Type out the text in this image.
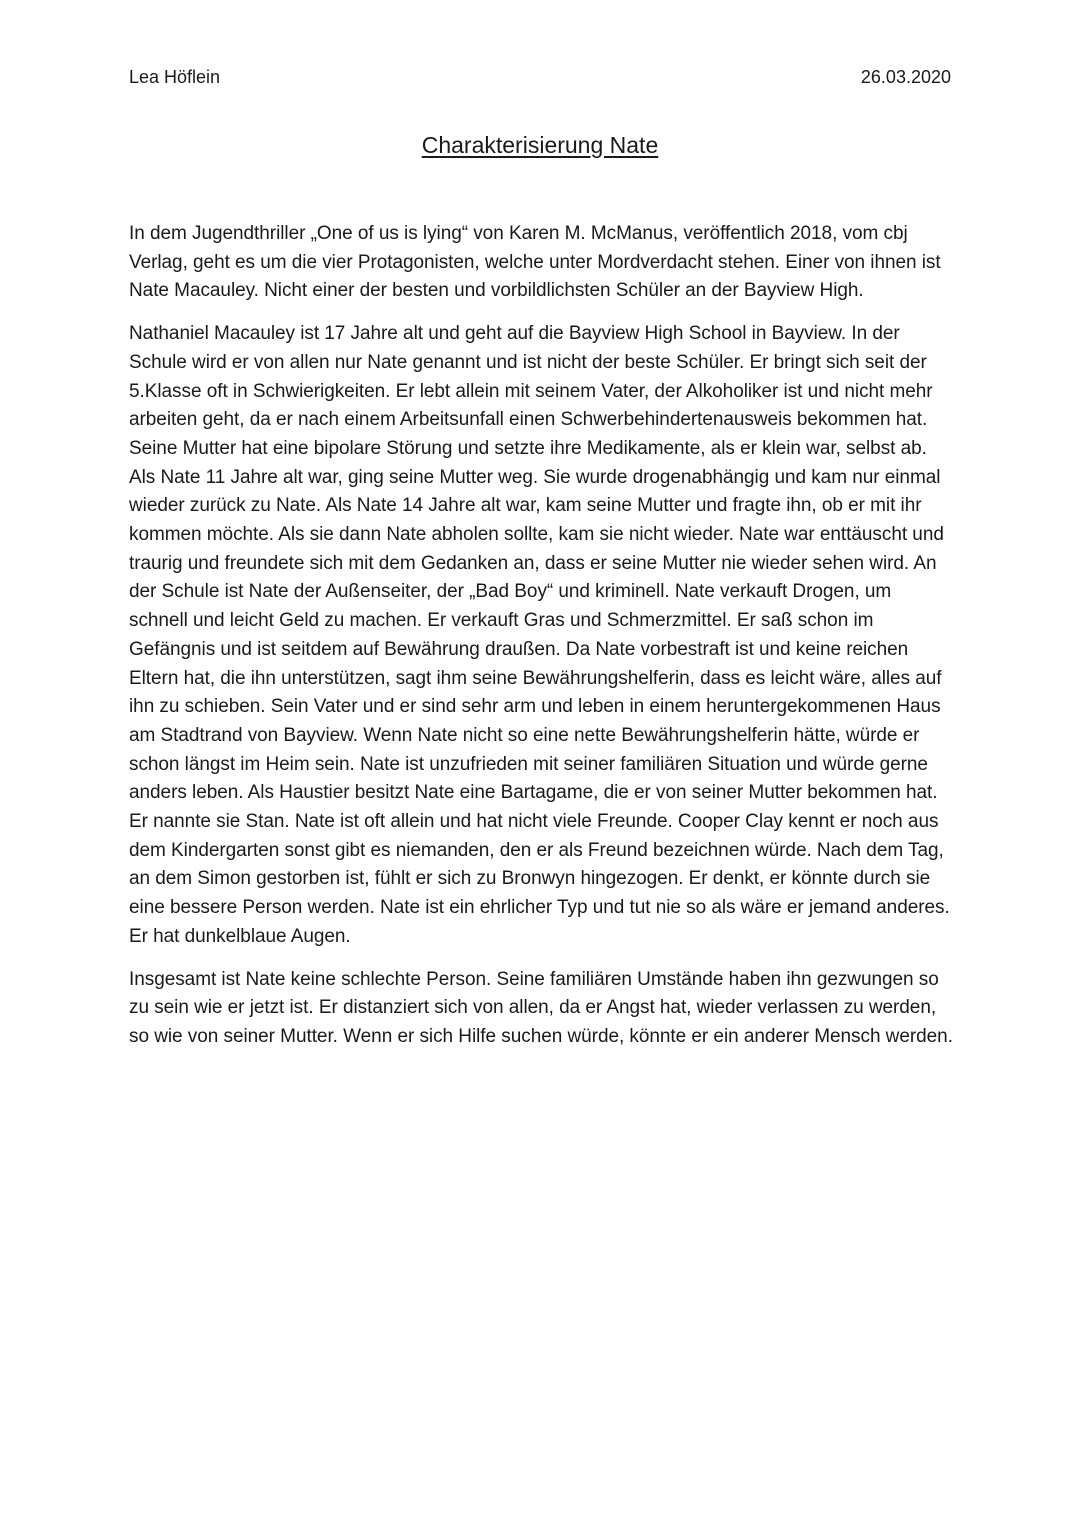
Lea Höflein	26.03.2020
Charakterisierung Nate

In dem Jugendthriller „One of us is lying“ von Karen M. McManus, veröffentlich 2018, vom cbj Verlag, geht es um die vier Protagonisten, welche unter Mordverdacht stehen. Einer von ihnen ist Nate Macauley. Nicht einer der besten und vorbildlichsten Schüler an der Bayview High.

Nathaniel Macauley ist 17 Jahre alt und geht auf die Bayview High School in Bayview. In der Schule wird er von allen nur Nate genannt und ist nicht der beste Schüler. Er bringt sich seit der 5.Klasse oft in Schwierigkeiten. Er lebt allein mit seinem Vater, der Alkoholiker ist und nicht mehr arbeiten geht, da er nach einem Arbeitsunfall einen Schwerbehindertenausweis bekommen hat. Seine Mutter hat eine bipolare Störung und setzte ihre Medikamente, als er klein war, selbst ab. Als Nate 11 Jahre alt war, ging seine Mutter weg. Sie wurde drogenabhängig und kam nur einmal wieder zurück zu Nate. Als Nate 14 Jahre alt war, kam seine Mutter und fragte ihn, ob er mit ihr kommen möchte. Als sie dann Nate abholen sollte, kam sie nicht wieder. Nate war enttäuscht und traurig und freundete sich mit dem Gedanken an, dass er seine Mutter nie wieder sehen wird. An der Schule ist Nate der Außenseiter, der „Bad Boy“ und kriminell. Nate verkauft Drogen, um schnell und leicht Geld zu machen. Er verkauft Gras und Schmerzmittel. Er saß schon im Gefängnis und ist seitdem auf Bewährung draußen. Da Nate vorbestraft ist und keine reichen Eltern hat, die ihn unterstützen, sagt ihm seine Bewährungshelferin, dass es leicht wäre, alles auf ihn zu schieben. Sein Vater und er sind sehr arm und leben in einem heruntergekommenen Haus am Stadtrand von Bayview. Wenn Nate nicht so eine nette Bewährungshelferin hätte, würde er schon längst im Heim sein. Nate ist unzufrieden mit seiner familiären Situation und würde gerne anders leben. Als Haustier besitzt Nate eine Bartagame, die er von seiner Mutter bekommen hat. Er nannte sie Stan. Nate ist oft allein und hat nicht viele Freunde. Cooper Clay kennt er noch aus dem Kindergarten sonst gibt es niemanden, den er als Freund bezeichnen würde. Nach dem Tag, an dem Simon gestorben ist, fühlt er sich zu Bronwyn hingezogen. Er denkt, er könnte durch sie eine bessere Person werden. Nate ist ein ehrlicher Typ und tut nie so als wäre er jemand anderes. Er hat dunkelblaue Augen.

Insgesamt ist Nate keine schlechte Person. Seine familiären Umstände haben ihn gezwungen so zu sein wie er jetzt ist. Er distanziert sich von allen, da er Angst hat, wieder verlassen zu werden, so wie von seiner Mutter. Wenn er sich Hilfe suchen würde, könnte er ein anderer Mensch werden.
